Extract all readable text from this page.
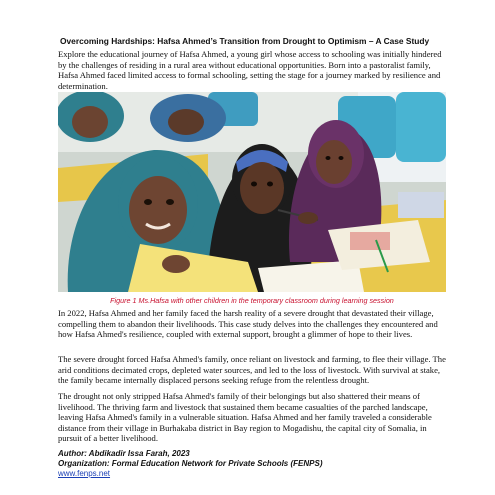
Overcoming Hardships: Hafsa Ahmed’s Transition from Drought to Optimism – A Case Study

Explore the educational journey of Hafsa Ahmed, a young girl whose access to schooling was initially hindered by the challenges of residing in a rural area without educational opportunities. Born into a pastoralist family, Hafsa Ahmed faced limited access to formal schooling, setting the stage for a journey marked by resilience and determination.

Figure 1 Ms.Hafsa with other children in the temporary classroom during learning session

In 2022, Hafsa Ahmed and her family faced the harsh reality of a severe drought that devastated their village, compelling them to abandon their livelihoods. This case study delves into the challenges they encountered and how Hafsa Ahmed's resilience, coupled with external support, brought a glimmer of hope to their lives.

The severe drought forced Hafsa Ahmed's family, once reliant on livestock and farming, to flee their village. The arid conditions decimated crops, depleted water sources, and led to the loss of livestock. With survival at stake, the family became internally displaced persons seeking refuge from the relentless drought.

The drought not only stripped Hafsa Ahmed's family of their belongings but also shattered their means of livelihood. The thriving farm and livestock that sustained them became casualties of the parched landscape, leaving Hafsa Ahmed's family in a vulnerable situation. Hafsa Ahmed and her family traveled a considerable distance from their village in Burhakaba district in Bay region to Mogadishu, the capital city of Somalia, in pursuit of a better livelihood.

Author: Abdikadir Issa Farah, 2023
Organization: Formal Education Network for Private Schools (FENPS)
www.fenps.net
